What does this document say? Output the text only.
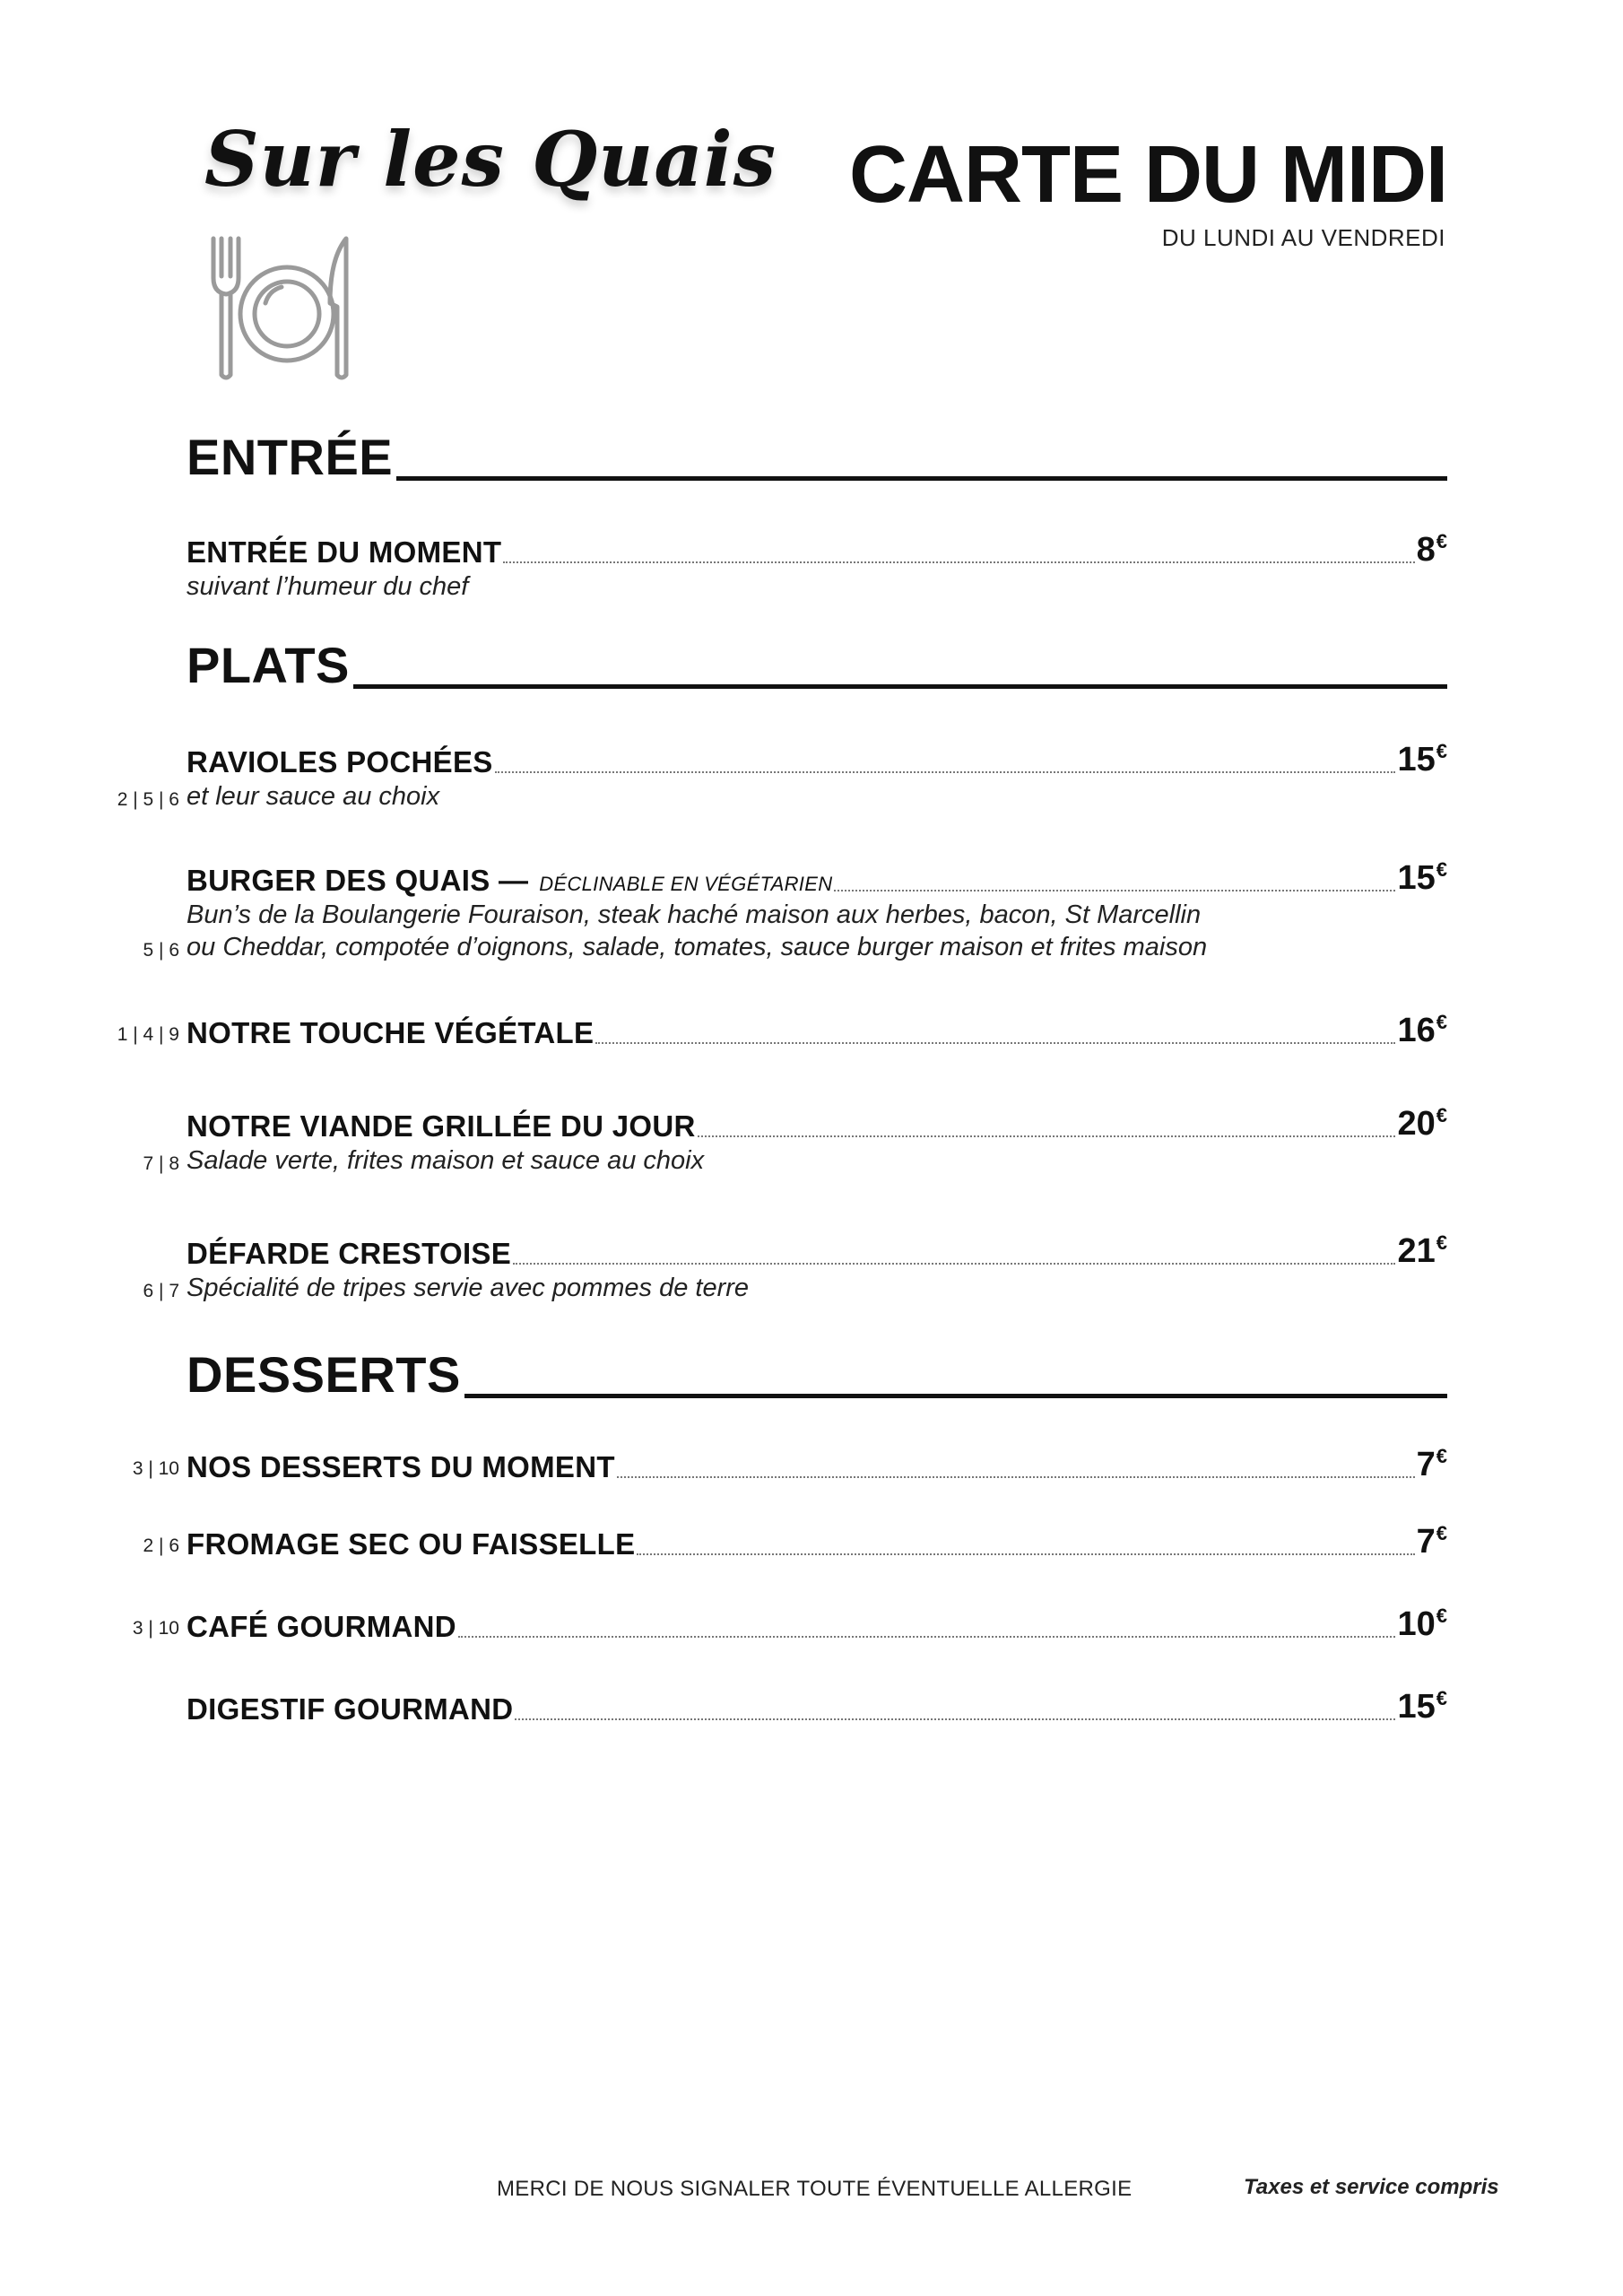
Sur les Quais CARTE DU MIDI
DU LUNDI AU VENDREDI
ENTRÉE
ENTRÉE DU MOMENT	8€
suivant l’humeur du chef
PLATS
2 | 5 | 6
RAVIOLES POCHÉES	15€
et leur sauce au choix
5 | 6
BURGER DES QUAIS — DÉCLINABLE EN VÉGÉTARIEN	15€
Bun’s de la Boulangerie Fouraison, steak haché maison aux herbes, bacon, St Marcellin
ou Cheddar, compotée d’oignons, salade, tomates, sauce burger maison et frites maison
1 | 4 | 9 NOTRE TOUCHE VÉGÉTALE	16€
7 | 8
NOTRE VIANDE GRILLÉE DU JOUR	20€
Salade verte, frites maison et sauce au choix
6 | 7
DÉFARDE CRESTOISE	21€
Spécialité de tripes servie avec pommes de terre
DESSERTS
3 | 10 NOS DESSERTS DU MOMENT	7€
2 | 6 FROMAGE SEC OU FAISSELLE	7€
3 | 10 CAFÉ GOURMAND	10€
DIGESTIF GOURMAND	15€
MERCI DE NOUS SIGNALER TOUTE ÉVENTUELLE ALLERGIE	Taxes et service compris
